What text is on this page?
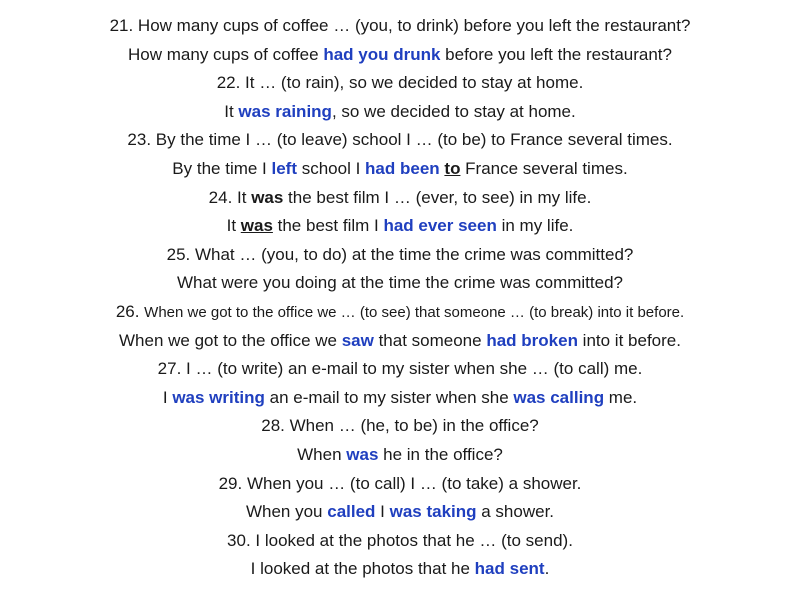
21. How many cups of coffee … (you, to drink) before you left the restaurant?
How many cups of coffee had you drunk before you left the restaurant?
22. It … (to rain), so we decided to stay at home.
It was raining, so we decided to stay at home.
23. By the time I … (to leave) school I … (to be) to France several times.
By the time I left school I had been to France several times.
24. It was the best film I … (ever, to see) in my life.
It was the best film I had ever seen in my life.
25. What … (you, to do) at the time the crime was committed?
What were you doing at the time the crime was committed?
26. When we got to the office we … (to see) that someone … (to break) into it before.
When we got to the office we saw that someone had broken into it before.
27. I … (to write) an e-mail to my sister when she … (to call) me.
I was writing an e-mail to my sister when she was calling me.
28. When … (he, to be) in the office?
When was he in the office?
29. When you … (to call) I … (to take) a shower.
When you called I was taking a shower.
30. I looked at the photos that he … (to send).
I looked at the photos that he had sent.
